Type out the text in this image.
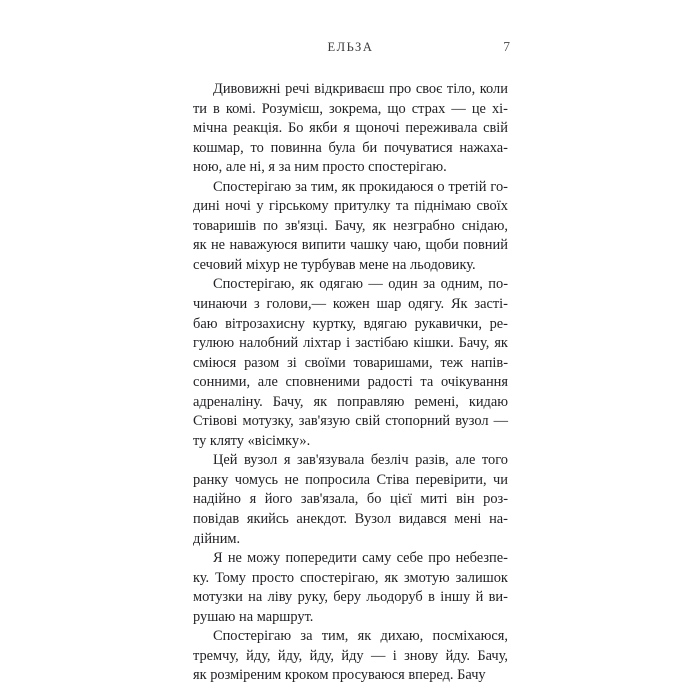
ЕЛЬЗА	7

Дивовижні речі відкриваєш про своє тіло, коли
ти в комі. Розумієш, зокрема, що страх — це хі-
мічна реакція. Бо якби я щоночі переживала свій
кошмар, то повинна була би почуватися нажаха-
ною, але ні, я за ним просто спостерігаю.

Спостерігаю за тим, як прокидаюся о третій го-
дині ночі у гірському притулку та піднімаю своїх
товаришів по зв'язці. Бачу, як незграбно снідаю,
як не наважуюся випити чашку чаю, щоби повний
сечовий міхур не турбував мене на льодовику.

Спостерігаю, як одягаю — один за одним, по-
чинаючи з голови,— кожен шар одягу. Як засті-
баю вітрозахисну куртку, вдягаю рукавички, ре-
гулюю налобний ліхтар і застібаю кішки. Бачу, як
сміюся разом зі своїми товаришами, теж напів-
сонними, але сповненими радості та очікування
адреналіну. Бачу, як поправляю ремені, кидаю
Стівові мотузку, зав'язую свій стопорний вузол —
ту кляту «вісімку».

Цей вузол я зав'язувала безліч разів, але того
ранку чомусь не попросила Стіва перевірити, чи
надійно я його зав'язала, бо цієї миті він роз-
повідав якийсь анекдот. Вузол видався мені на-
дійним.

Я не можу попередити саму себе про небезпе-
ку. Тому просто спостерігаю, як змотую залишок
мотузки на ліву руку, беру льодоруб в іншу й ви-
рушаю на маршрут.

Спостерігаю за тим, як дихаю, посміхаюся,
тремчу, йду, йду, йду, йду — і знову йду. Бачу,
як розміреним кроком просуваюся вперед. Бачу
